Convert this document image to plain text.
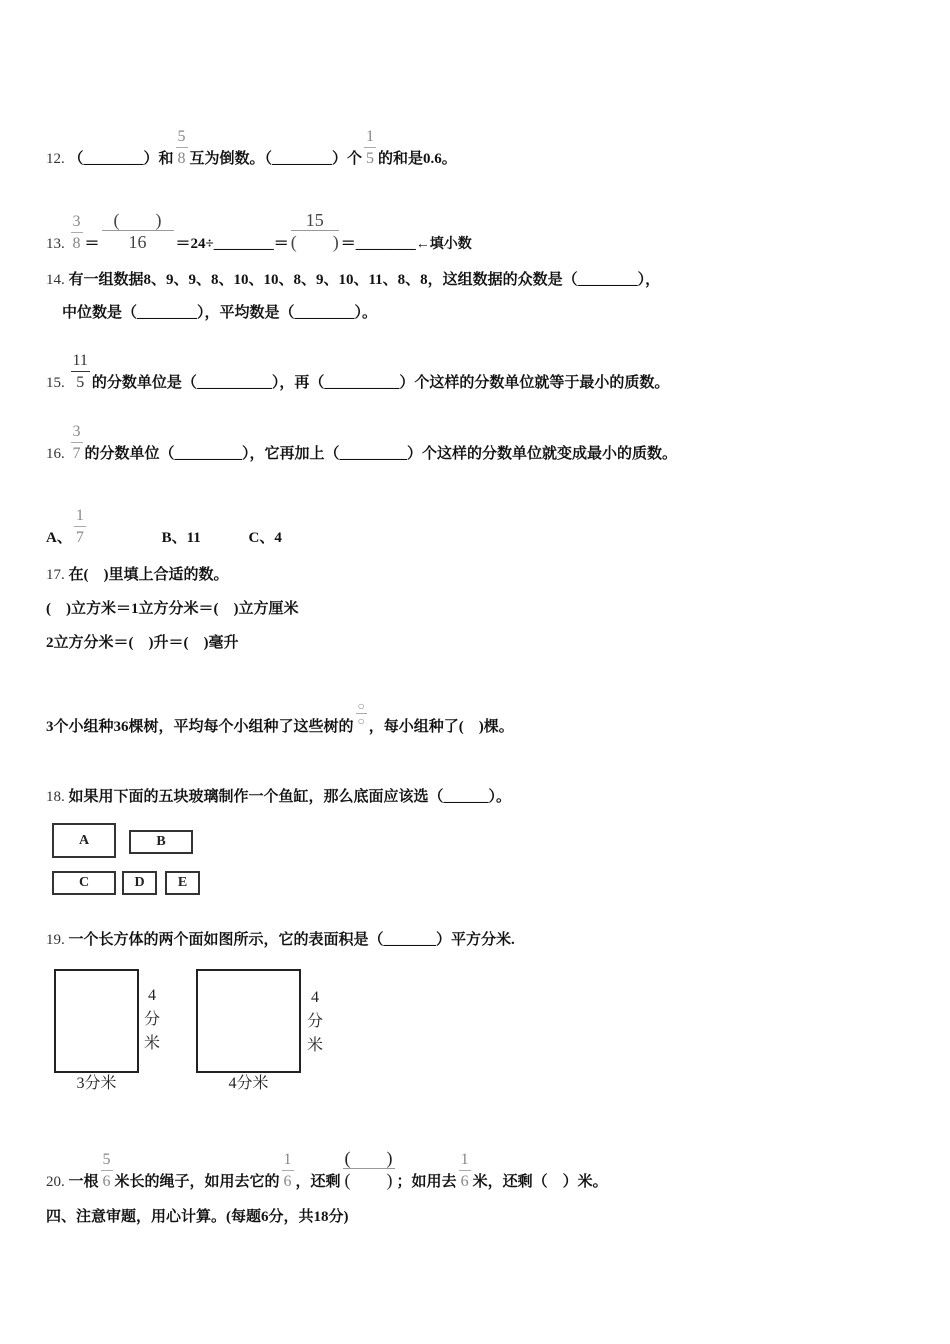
12. （________）和 $\frac{5}{8}$ 互为倒数。（________）个 $\frac{1}{5}$ 的和是0.6。
13. $\frac{3}{8} = \frac{( )}{16}$ ＝24÷________＝ $\frac{15}{( )}$ ＝________←填小数
14. 有一组数据8、9、9、8、10、10、8、9、10、11、8、8，这组数据的众数是（________），
中位数是（________），平均数是（________）。
15. $\frac{11}{5}$ 的分数单位是（__________），再（__________）个这样的分数单位就等于最小的质数。
16. $\frac{3}{7}$ 的分数单位（_________），它再加上（_________）个这样的分数单位就变成最小的质数。
A、 $\frac{1}{7}$	B、11	C、4
17. 在(　)里填上合适的数。
(　)立方米＝1立方分米＝(　)立方厘米
2立方分米＝(　)升＝(　)毫升
3个小组种36棵树，平均每个小组种了这些树的 $\frac{○}{○}$ ，每小组种了(　)棵。
18. 如果用下面的五块玻璃制作一个鱼缸，那么底面应该选（______）。
A	B
C	D	E
19. 一个长方体的两个面如图所示，它的表面积是（_______）平方分米.
4
分
米
3分米
4
分
米
4分米
20. 一根 $\frac{5}{6}$ 米长的绳子，如用去它的 $\frac{1}{6}$ ，还剩 $\frac{( )}{( )}$ ；如用去 $\frac{1}{6}$ 米，还剩（　）米。
四、注意审题，用心计算。(每题6分，共18分)
